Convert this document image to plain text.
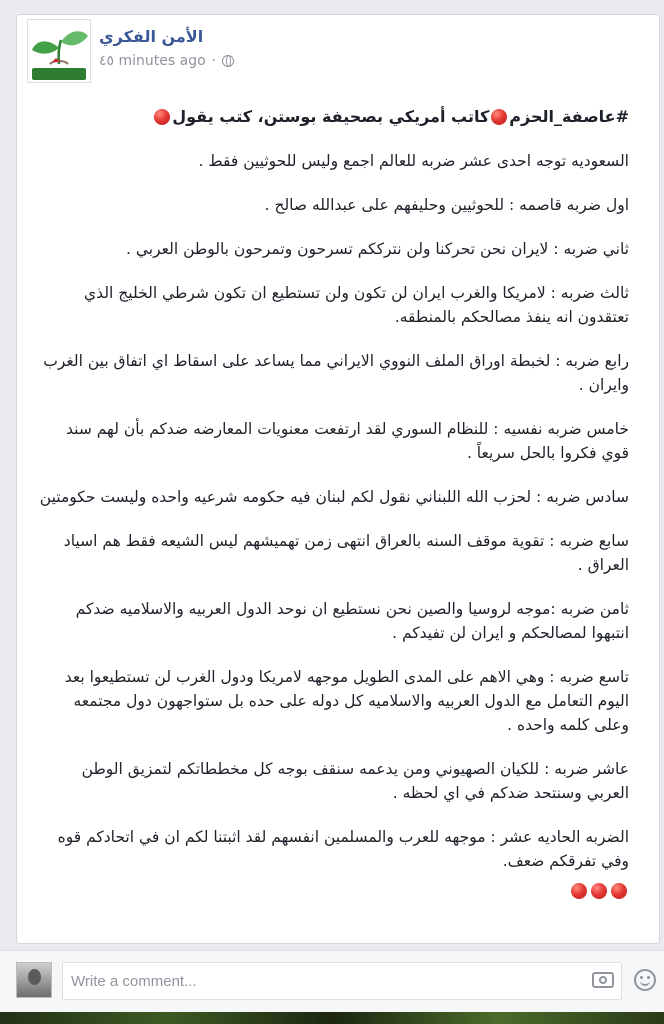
الأمن الفكري
٤٥ minutes ago ·

#عاصفة_الحزمكاتب أمريكي بصحيفة بوستن، كتب يقول

السعوديه توجه احدى عشر ضربه للعالم اجمع وليس للحوثيين فقط .

اول ضربه قاصمه : للحوثيين وحليفهم على عبدالله صالح .

ثاني ضربه : لايران نحن تحركنا ولن نتركك‍م تسرحون وتمرحون بالوطن العربي .

ثالث ضربه : لامريكا والغرب ايران لن تكون ولن تستطيع ان تكون شرطي الخليج الذي تعتقدون انه ينفذ مصالحكم بالمنطقه.

رابع ضربه : لخبطة اوراق الملف النووي الايراني مما يساعد على اسقاط اي اتفاق بين الغرب وايران .

خامس ضربه نفسيه : للنظام السوري لقد ارتفعت معنويات المعارضه ضدكم بأن لهم سند قوي فكروا بالحل سريعاً .

سادس ضربه : لحزب الله اللبناني نقول لكم لبنان فيه حكومه شرعيه واحده وليست حكومتين

سابع ضربه : تقوية موقف السنه بالعراق انتهى زمن تهميشهم ليس الشيعه فقط هم اسياد العراق .

ثامن ضربه :موجه لروسيا والصين نحن نستطيع ان نوحد الدول العربيه والاسلاميه ضدكم انتبهوا لمصالحكم و ايران لن تفيدكم .

تاسع ضربه : وهي الاهم على المدى الطويل موجهه لامريكا ودول الغرب لن تستطيعوا بعد اليوم التعامل مع الدول العربيه والاسلاميه كل دوله على حده بل ستواجهون دول مجتمعه وعلى كلمه واحده .

عاشر ضربه : للكيان الصهيوني ومن يدعمه سنقف بوجه كل مخططاتكم لتمزيق الوطن العربي وسنتحد ضدكم في اي لحظه .

الضربه الحاديه عشر : موجهه للعرب والمسلمين انفسهم لقد اثبتنا لكم ان في اتحادكم قوه وفي تفرقكم ضعف.

Write a comment...
